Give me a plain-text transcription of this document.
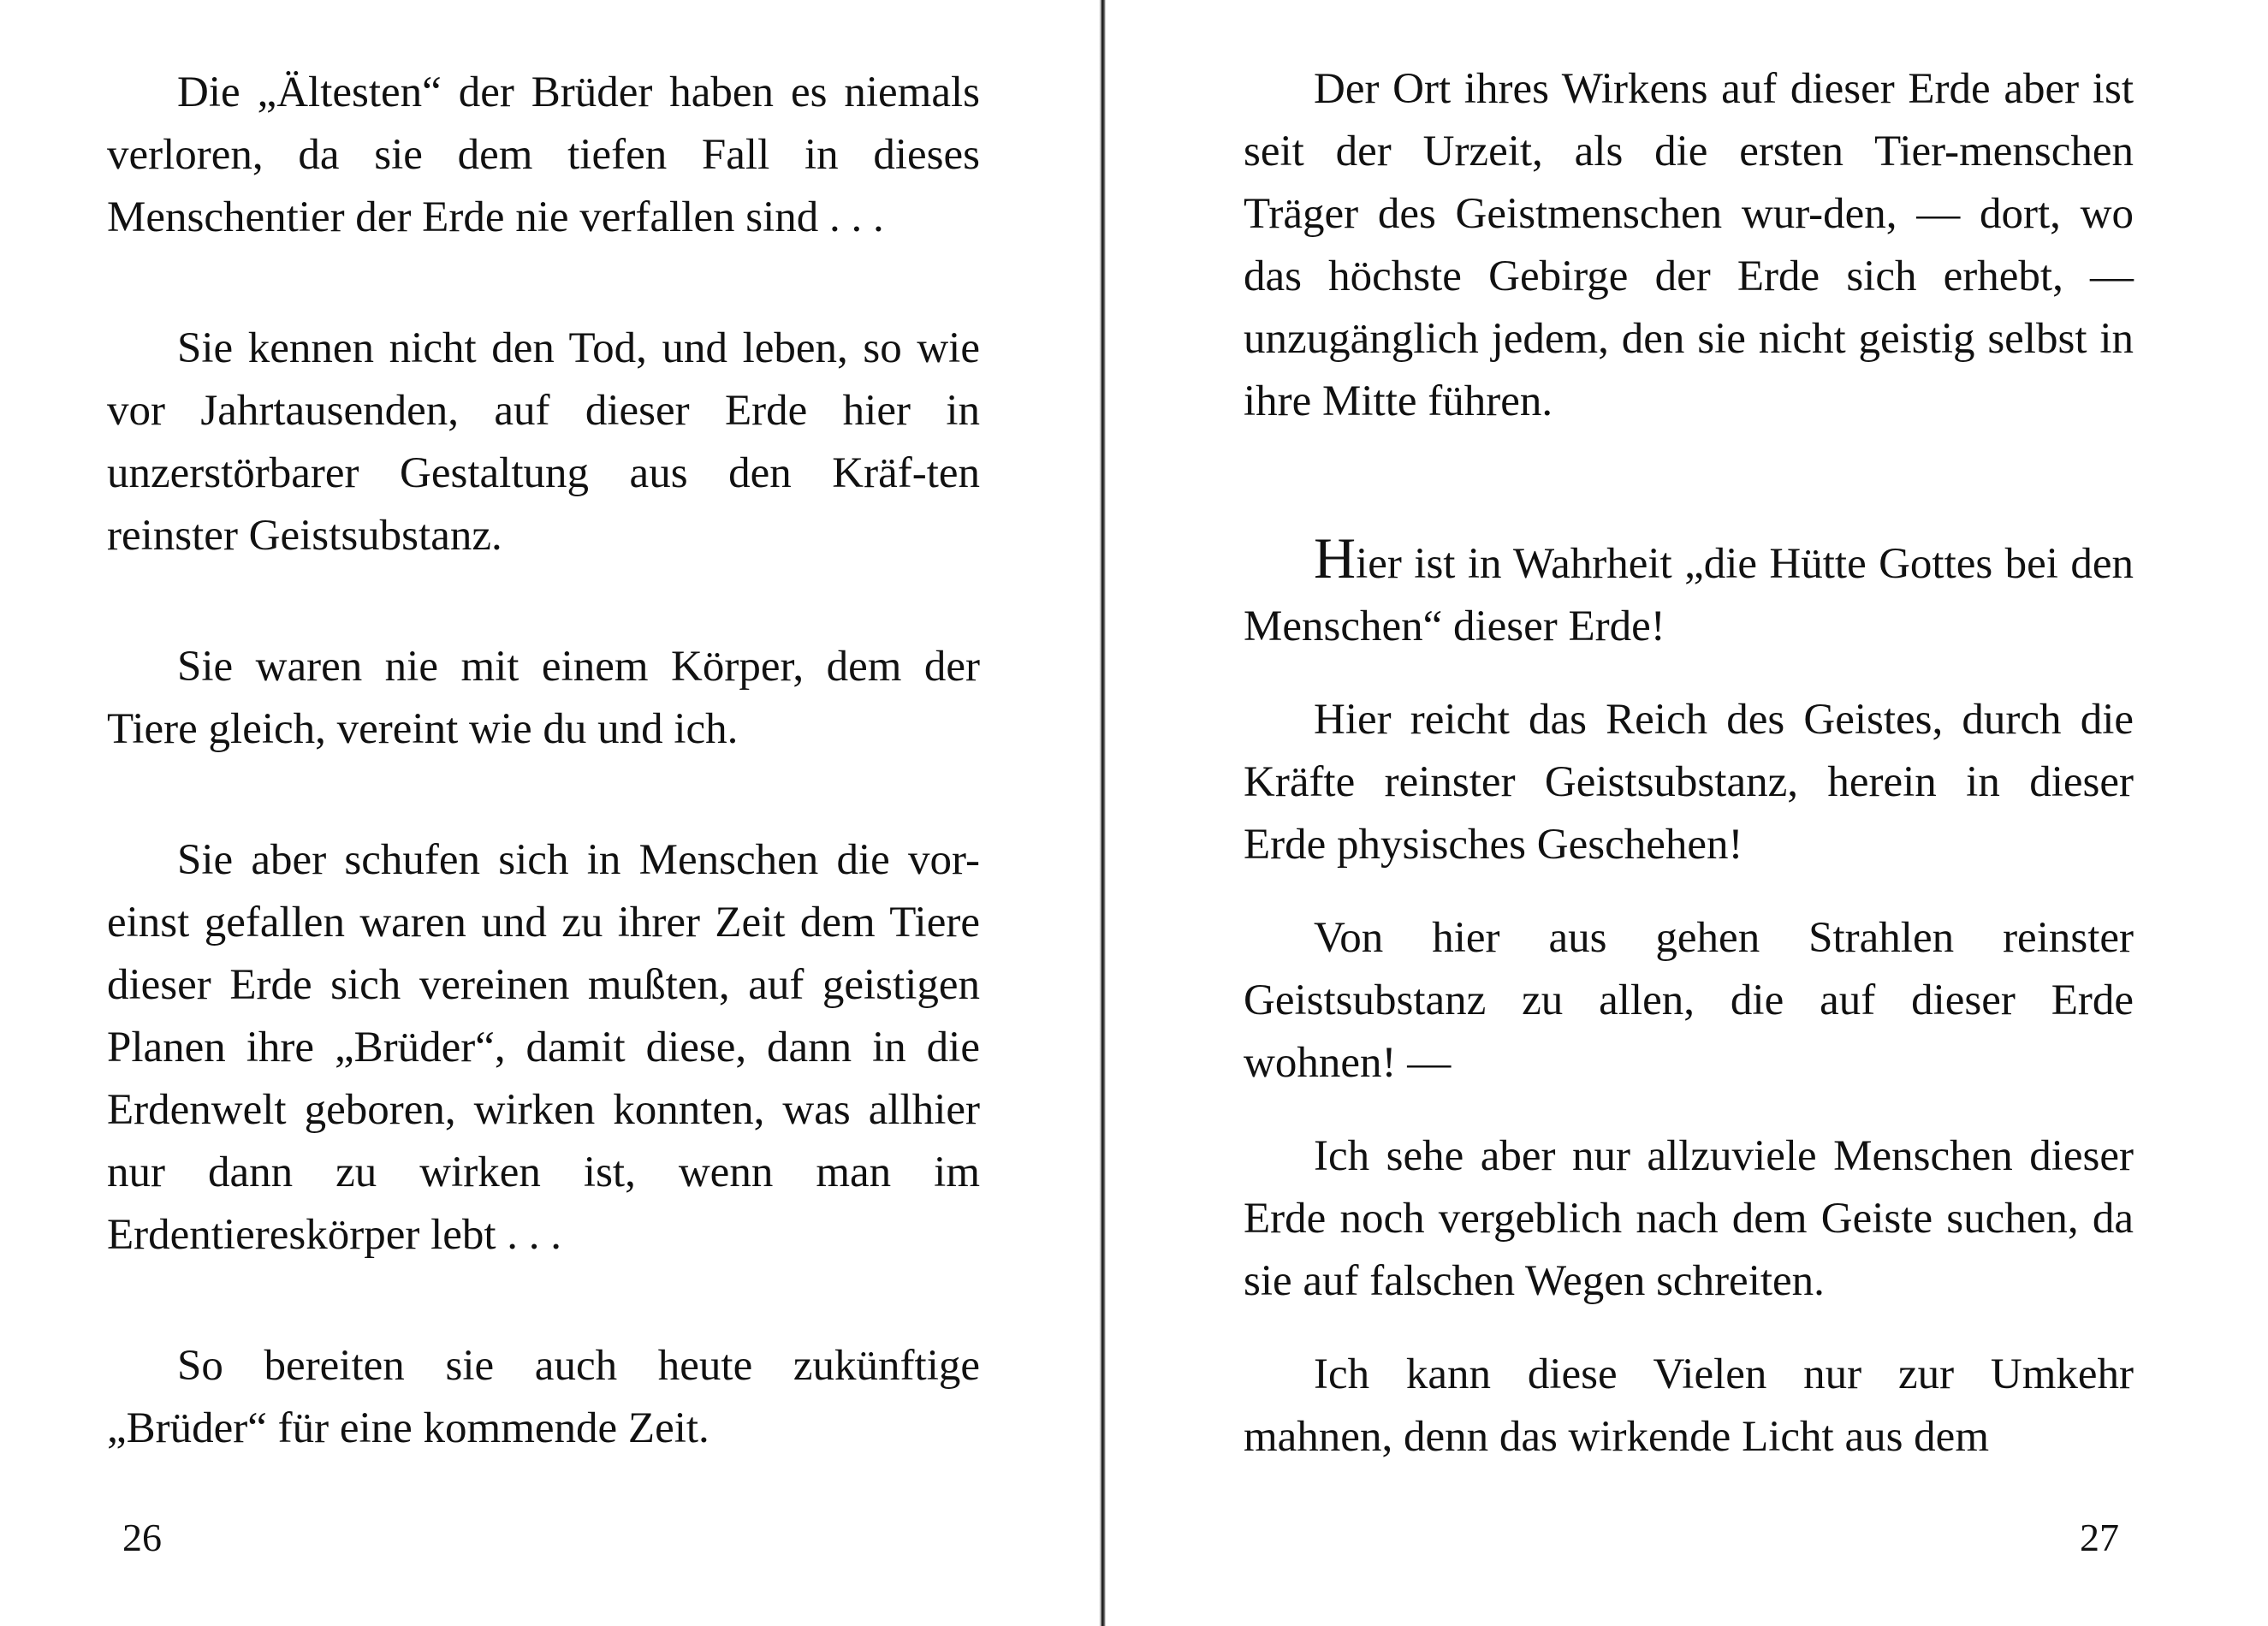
Die „Ältesten“ der Brüder haben es niemals verloren, da sie dem tiefen Fall in dieses Menschentier der Erde nie verfallen sind . . .

Sie kennen nicht den Tod, und leben, so wie vor Jahrtausenden, auf dieser Erde hier in unzerstörbarer Gestaltung aus den Kräf-ten reinster Geistsubstanz.

Sie waren nie mit einem Körper, dem der Tiere gleich, vereint wie du und ich.

Sie aber schufen sich in Menschen die vor-einst gefallen waren und zu ihrer Zeit dem Tiere dieser Erde sich vereinen mußten, auf geistigen Planen ihre „Brüder“, damit diese, dann in die Erdenwelt geboren, wirken konnten, was allhier nur dann zu wirken ist, wenn man im Erdentiereskörper lebt . . .

So bereiten sie auch heute zukünftige „Brüder“ für eine kommende Zeit.

26

Der Ort ihres Wirkens auf dieser Erde aber ist seit der Urzeit, als die ersten Tier-menschen Träger des Geistmenschen wur-den, — dort, wo das höchste Gebirge der Erde sich erhebt, — unzugänglich jedem, den sie nicht geistig selbst in ihre Mitte führen.

Hier ist in Wahrheit „die Hütte Gottes bei den Menschen“ dieser Erde!

Hier reicht das Reich des Geistes, durch die Kräfte reinster Geistsubstanz, herein in dieser Erde physisches Geschehen!

Von hier aus gehen Strahlen reinster Geistsubstanz zu allen, die auf dieser Erde wohnen! —

Ich sehe aber nur allzuviele Menschen dieser Erde noch vergeblich nach dem Geiste suchen, da sie auf falschen Wegen schreiten.

Ich kann diese Vielen nur zur Umkehr mahnen, denn das wirkende Licht aus dem

27
